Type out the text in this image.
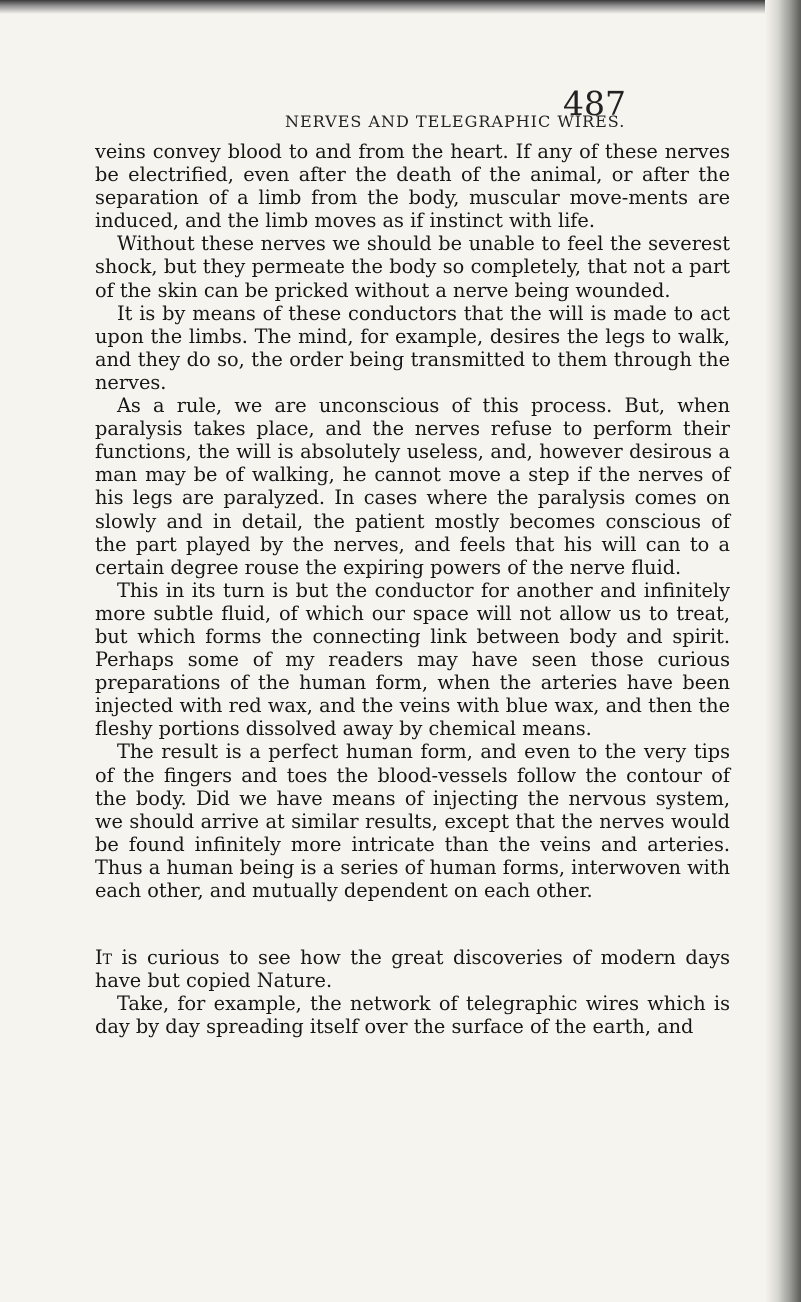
NERVES AND TELEGRAPHIC WIRES.
487

veins convey blood to and from the heart. If any of these nerves be electrified, even after the death of the animal, or after the separation of a limb from the body, muscular move-ments are induced, and the limb moves as if instinct with life.

Without these nerves we should be unable to feel the severest shock, but they permeate the body so completely, that not a part of the skin can be pricked without a nerve being wounded.

It is by means of these conductors that the will is made to act upon the limbs. The mind, for example, desires the legs to walk, and they do so, the order being transmitted to them through the nerves.

As a rule, we are unconscious of this process. But, when paralysis takes place, and the nerves refuse to perform their functions, the will is absolutely useless, and, however desirous a man may be of walking, he cannot move a step if the nerves of his legs are paralyzed. In cases where the paralysis comes on slowly and in detail, the patient mostly becomes conscious of the part played by the nerves, and feels that his will can to a certain degree rouse the expiring powers of the nerve fluid.

This in its turn is but the conductor for another and infinitely more subtle fluid, of which our space will not allow us to treat, but which forms the connecting link between body and spirit. Perhaps some of my readers may have seen those curious preparations of the human form, when the arteries have been injected with red wax, and the veins with blue wax, and then the fleshy portions dissolved away by chemical means.

The result is a perfect human form, and even to the very tips of the fingers and toes the blood-vessels follow the contour of the body. Did we have means of injecting the nervous system, we should arrive at similar results, except that the nerves would be found infinitely more intricate than the veins and arteries. Thus a human being is a series of human forms, interwoven with each other, and mutually dependent on each other.

It is curious to see how the great discoveries of modern days have but copied Nature.

Take, for example, the network of telegraphic wires which is day by day spreading itself over the surface of the earth, and
